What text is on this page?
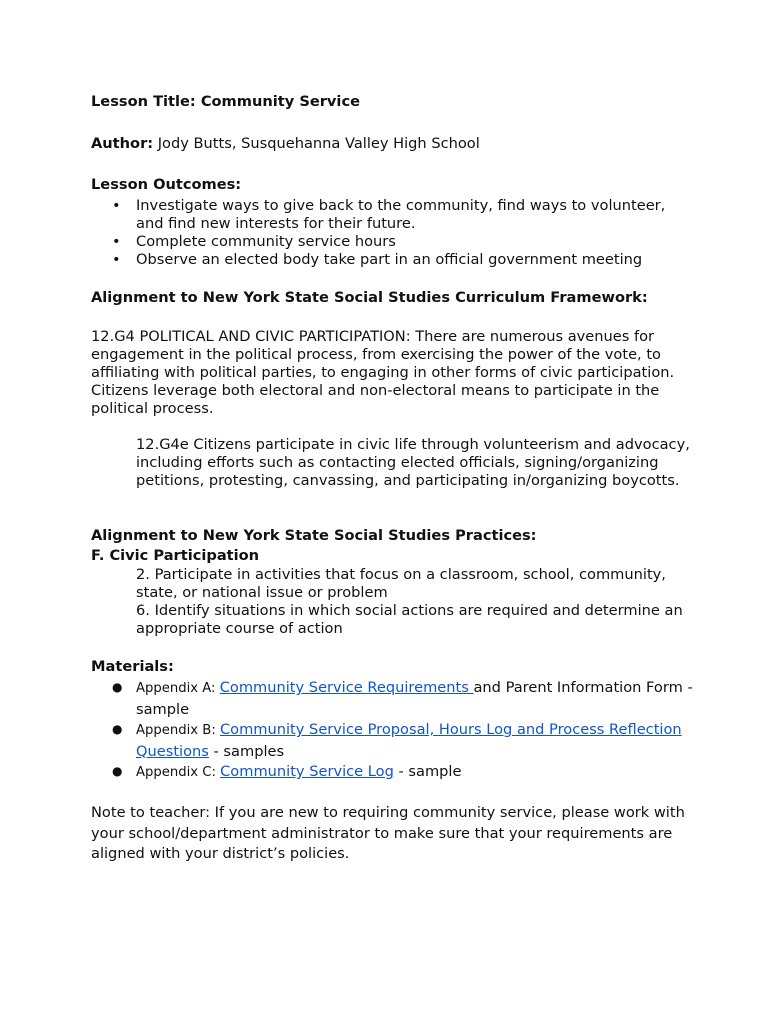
Lesson Title: Community Service
Author: Jody Butts, Susquehanna Valley High School
Lesson Outcomes:
• Investigate ways to give back to the community, find ways to volunteer, and find new interests for their future.
• Complete community service hours
• Observe an elected body take part in an official government meeting
Alignment to New York State Social Studies Curriculum Framework:
12.G4 POLITICAL AND CIVIC PARTICIPATION: There are numerous avenues for engagement in the political process, from exercising the power of the vote, to affiliating with political parties, to engaging in other forms of civic participation. Citizens leverage both electoral and non-electoral means to participate in the political process.
12.G4e Citizens participate in civic life through volunteerism and advocacy, including efforts such as contacting elected officials, signing/organizing petitions, protesting, canvassing, and participating in/organizing boycotts.
Alignment to New York State Social Studies Practices:
F. Civic Participation
2. Participate in activities that focus on a classroom, school, community, state, or national issue or problem
6. Identify situations in which social actions are required and determine an appropriate course of action
Materials:
● Appendix A: Community Service Requirements and Parent Information Form - sample
● Appendix B: Community Service Proposal, Hours Log and Process Reflection Questions - samples
● Appendix C: Community Service Log - sample
Note to teacher: If you are new to requiring community service, please work with your school/department administrator to make sure that your requirements are aligned with your district’s policies.
